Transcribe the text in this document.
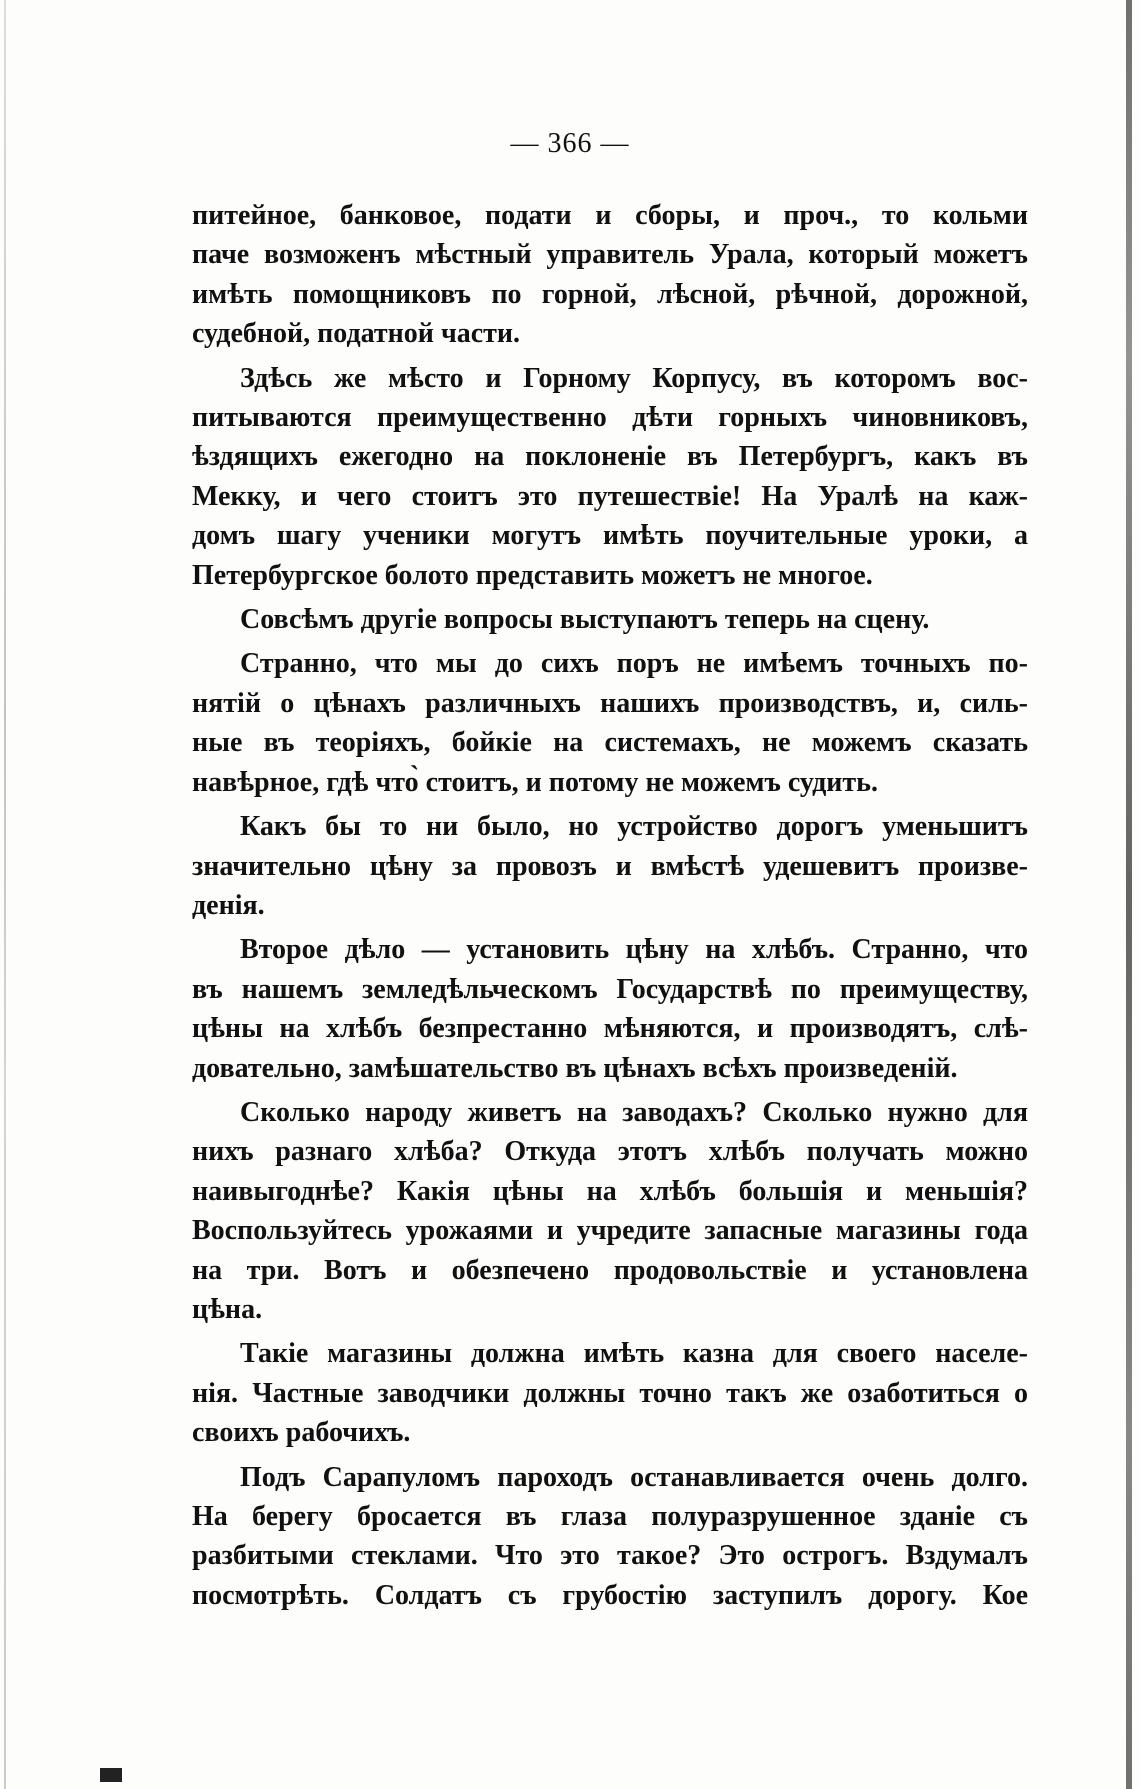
— 366 —
питейное, банковое, подати и сборы, и проч., то кольми
паче возможенъ мѣстный управитель Урала, который можетъ
имѣть помощниковъ по горной, лѣсной, рѣчной, дорожной,
судебной, податной части.
Здѣсь же мѣсто и Горному Корпусу, въ которомъ вос-
питываются преимущественно дѣти горныхъ чиновниковъ,
ѣздящихъ ежегодно на поклоненіе въ Петербургъ, какъ въ
Мекку, и чего стоитъ это путешествіе! На Уралѣ на каж-
домъ шагу ученики могутъ имѣть поучительные уроки, а
Петербургское болото представить можетъ не многое.
Совсѣмъ другіе вопросы выступаютъ теперь на сцену.
Странно, что мы до сихъ поръ не имѣемъ точныхъ по-
нятій о цѣнахъ различныхъ нашихъ производствъ, и, силь-
ные въ теоріяхъ, бойкіе на системахъ, не можемъ сказать
навѣрное, гдѣ что̀ стоитъ, и потому не можемъ судить.
Какъ бы то ни было, но устройство дорогъ уменьшитъ
значительно цѣну за провозъ и вмѣстѣ удешевитъ произве-
денія.
Второе дѣло — установить цѣну на хлѣбъ. Странно, что
въ нашемъ земледѣльческомъ Государствѣ по преимуществу,
цѣны на хлѣбъ безпрестанно мѣняются, и производятъ, слѣ-
довательно, замѣшательство въ цѣнахъ всѣхъ произведеній.
Сколько народу живетъ на заводахъ? Сколько нужно для
нихъ разнаго хлѣба? Откуда этотъ хлѣбъ получать можно
наивыгоднѣе? Какія цѣны на хлѣбъ большія и меньшія?
Воспользуйтесь урожаями и учредите запасные магазины года
на три. Вотъ и обезпечено продовольствіе и установлена
цѣна.
Такіе магазины должна имѣть казна для своего населе-
нія. Частные заводчики должны точно такъ же озаботиться о
своихъ рабочихъ.
Подъ Сарапуломъ пароходъ останавливается очень долго.
На берегу бросается въ глаза полуразрушенное зданіе съ
разбитыми стеклами. Что это такое? Это острогъ. Вздумалъ
посмотрѣть. Солдатъ съ грубостію заступилъ дорогу. Кое
